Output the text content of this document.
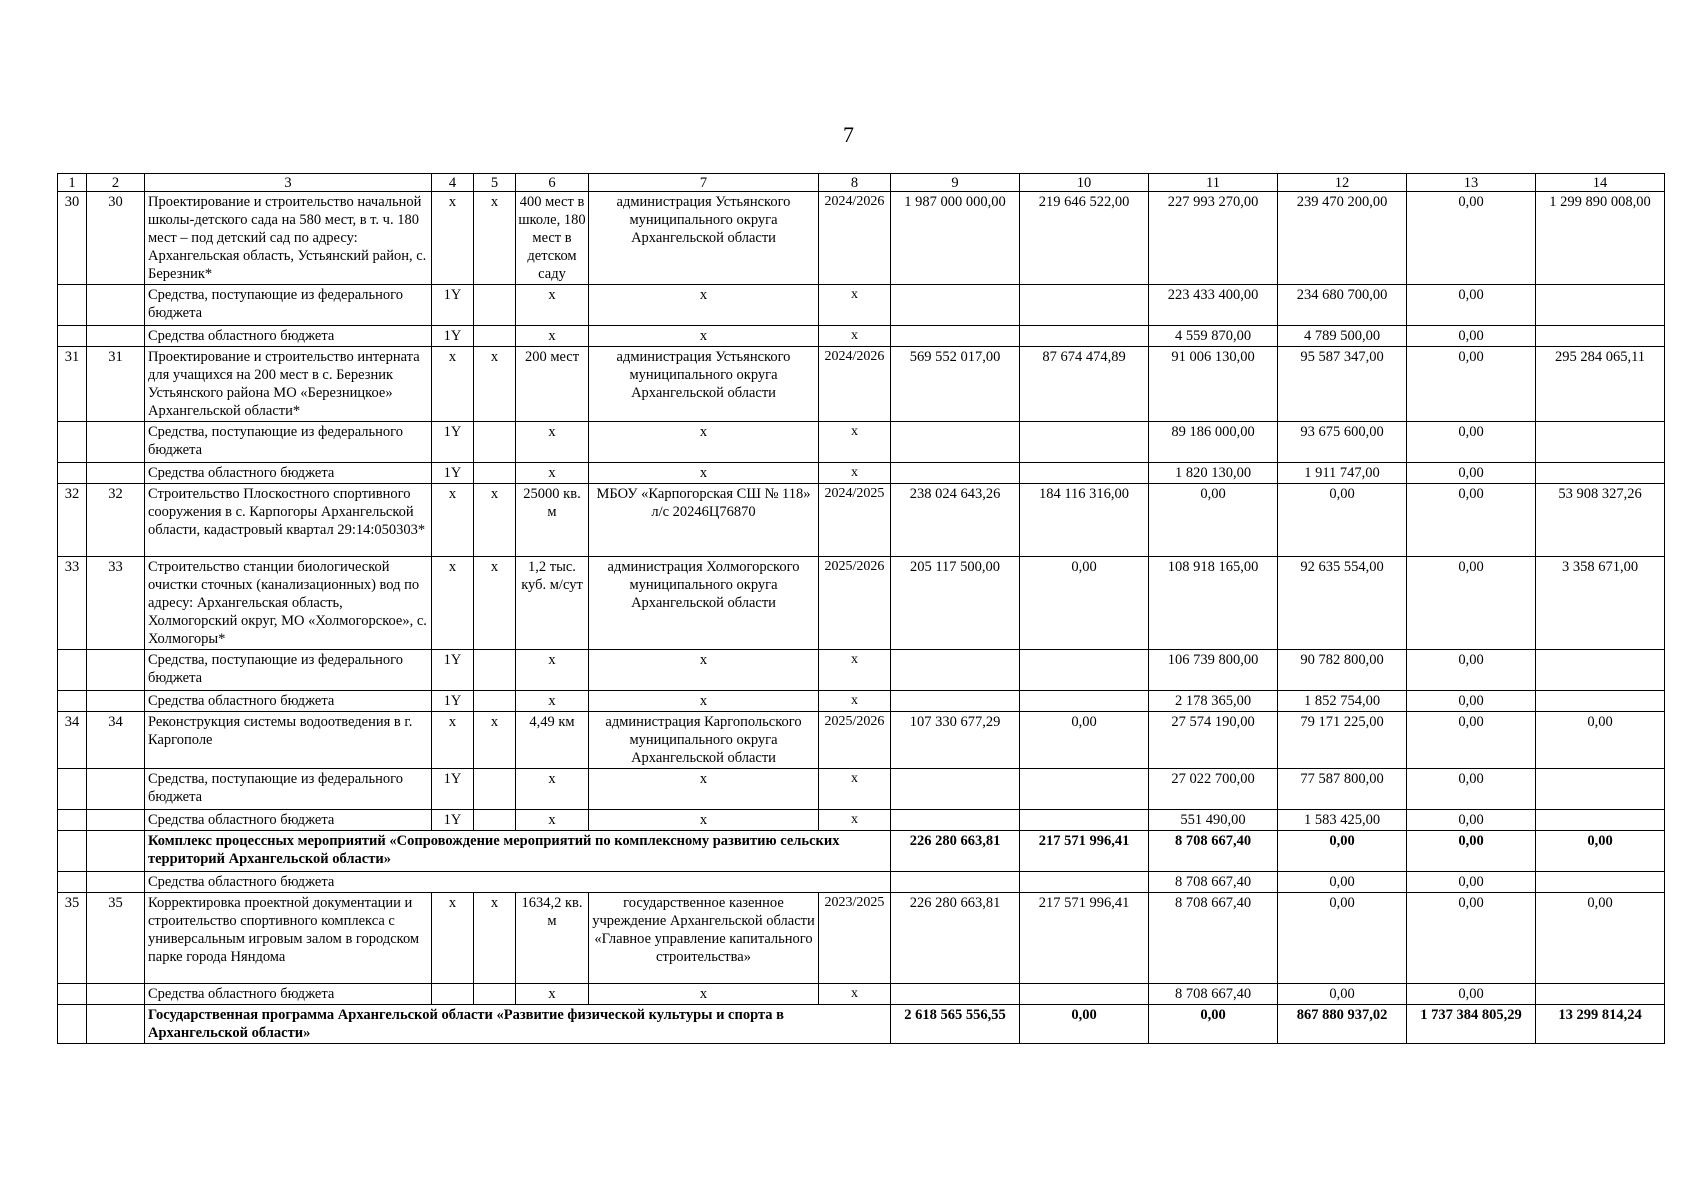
7
1	2	3	4	5	6	7	8	9	10	11	12	13	14
30	30	Проектирование и строительство начальной школы-детского сада на 580 мест, в т. ч. 180 мест – под детский сад по адресу: Архангельская область, Устьянский район, с. Березник*	х	х	400 мест в школе, 180 мест в детском саду	администрация Устьянского муниципального округа Архангельской области	2024/2026	1 987 000 000,00	219 646 522,00	227 993 270,00	239 470 200,00	0,00	1 299 890 008,00
		Средства, поступающие из федерального бюджета	1Y		х	х	х			223 433 400,00	234 680 700,00	0,00	
		Средства областного бюджета	1Y		х	х	х			4 559 870,00	4 789 500,00	0,00	
31	31	Проектирование и строительство интерната для учащихся на 200 мест в с. Березник Устьянского района МО «Березницкое» Архангельской области*	х	х	200 мест	администрация Устьянского муниципального округа Архангельской области	2024/2026	569 552 017,00	87 674 474,89	91 006 130,00	95 587 347,00	0,00	295 284 065,11
		Средства, поступающие из федерального бюджета	1Y		х	х	х			89 186 000,00	93 675 600,00	0,00	
		Средства областного бюджета	1Y		х	х	х			1 820 130,00	1 911 747,00	0,00	
32	32	Строительство Плоскостного спортивного сооружения в с. Карпогоры Архангельской области, кадастровый квартал 29:14:050303*	х	х	25000 кв. м	МБОУ «Карпогорская СШ № 118» л/с 20246Ц76870	2024/2025	238 024 643,26	184 116 316,00	0,00	0,00	0,00	53 908 327,26
33	33	Строительство станции биологической очистки сточных (канализационных) вод по адресу: Архангельская область, Холмогорский округ, МО «Холмогорское», с. Холмогоры*	х	х	1,2 тыс. куб. м/сут	администрация Холмогорского муниципального округа Архангельской области	2025/2026	205 117 500,00	0,00	108 918 165,00	92 635 554,00	0,00	3 358 671,00
		Средства, поступающие из федерального бюджета	1Y		х	х	х			106 739 800,00	90 782 800,00	0,00	
		Средства областного бюджета	1Y		х	х	х			2 178 365,00	1 852 754,00	0,00	
34	34	Реконструкция системы водоотведения в г. Каргополе	х	х	4,49 км	администрация Каргопольского муниципального округа Архангельской области	2025/2026	107 330 677,29	0,00	27 574 190,00	79 171 225,00	0,00	0,00
		Средства, поступающие из федерального бюджета	1Y		х	х	х			27 022 700,00	77 587 800,00	0,00	
		Средства областного бюджета	1Y		х	х	х			551 490,00	1 583 425,00	0,00	
		Комплекс процессных мероприятий «Сопровождение мероприятий по комплексному развитию сельских территорий Архангельской области»						226 280 663,81	217 571 996,41	8 708 667,40	0,00	0,00	0,00
		Средства областного бюджета								8 708 667,40	0,00	0,00	
35	35	Корректировка проектной документации и строительство спортивного комплекса с универсальным игровым залом в городском парке города Няндома	х	х	1634,2 кв. м	государственное казенное учреждение Архангельской области «Главное управление капитального строительства»	2023/2025	226 280 663,81	217 571 996,41	8 708 667,40	0,00	0,00	0,00
		Средства областного бюджета			х	х	х			8 708 667,40	0,00	0,00	
		Государственная программа Архангельской области «Развитие физической культуры и спорта в Архангельской области»						2 618 565 556,55	0,00	0,00	867 880 937,02	1 737 384 805,29	13 299 814,24
